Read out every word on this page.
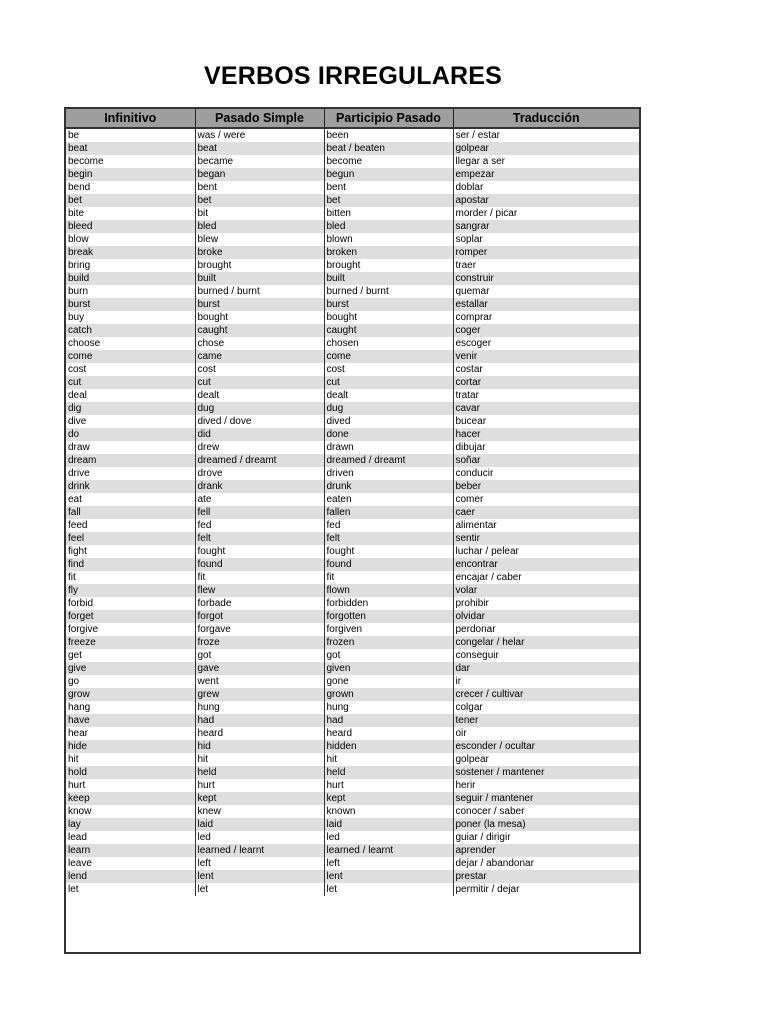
VERBOS IRREGULARES
Infinitivo	Pasado Simple	Participio Pasado	Traducción
be	was / were	been	ser / estar
beat	beat	beat / beaten	golpear
become	became	become	llegar a ser
begin	began	begun	empezar
bend	bent	bent	doblar
bet	bet	bet	apostar
bite	bit	bitten	morder / picar
bleed	bled	bled	sangrar
blow	blew	blown	soplar
break	broke	broken	romper
bring	brought	brought	traer
build	built	built	construir
burn	burned / burnt	burned / burnt	quemar
burst	burst	burst	estallar
buy	bought	bought	comprar
catch	caught	caught	coger
choose	chose	chosen	escoger
come	came	come	venir
cost	cost	cost	costar
cut	cut	cut	cortar
deal	dealt	dealt	tratar
dig	dug	dug	cavar
dive	dived / dove	dived	bucear
do	did	done	hacer
draw	drew	drawn	dibujar
dream	dreamed / dreamt	dreamed / dreamt	soñar
drive	drove	driven	conducir
drink	drank	drunk	beber
eat	ate	eaten	comer
fall	fell	fallen	caer
feed	fed	fed	alimentar
feel	felt	felt	sentir
fight	fought	fought	luchar / pelear
find	found	found	encontrar
fit	fit	fit	encajar / caber
fly	flew	flown	volar
forbid	forbade	forbidden	prohibir
forget	forgot	forgotten	olvidar
forgive	forgave	forgiven	perdonar
freeze	froze	frozen	congelar / helar
get	got	got	conseguir
give	gave	given	dar
go	went	gone	ir
grow	grew	grown	crecer / cultivar
hang	hung	hung	colgar
have	had	had	tener
hear	heard	heard	oir
hide	hid	hidden	esconder / ocultar
hit	hit	hit	golpear
hold	held	held	sostener / mantener
hurt	hurt	hurt	herir
keep	kept	kept	seguir / mantener
know	knew	known	conocer / saber
lay	laid	laid	poner (la mesa)
lead	led	led	guiar / dirigir
learn	learned / learnt	learned / learnt	aprender
leave	left	left	dejar / abandonar
lend	lent	lent	prestar
let	let	let	permitir / dejar
